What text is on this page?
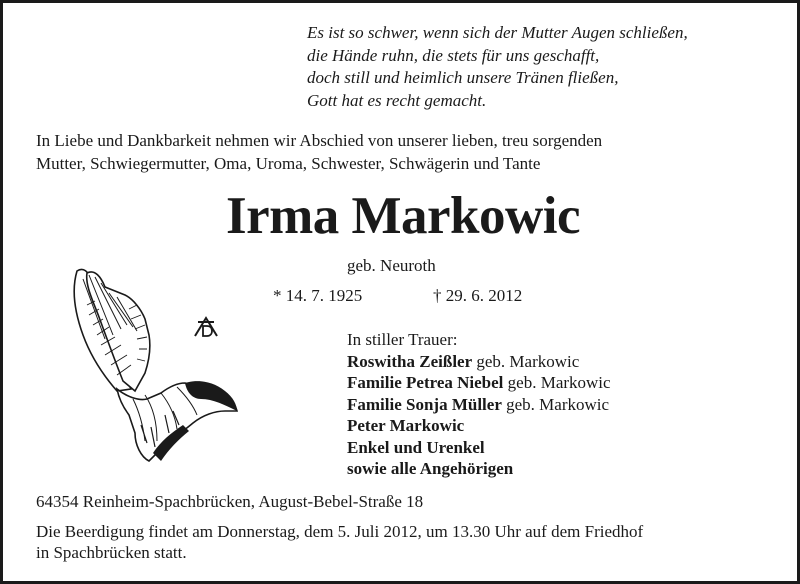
Es ist so schwer, wenn sich der Mutter Augen schließen,
die Hände ruhn, die stets für uns geschafft,
doch still und heimlich unsere Tränen fließen,
Gott hat es recht gemacht.
In Liebe und Dankbarkeit nehmen wir Abschied von unserer lieben, treu sorgenden
Mutter, Schwiegermutter, Oma, Uroma, Schwester, Schwägerin und Tante
Irma Markowic
geb. Neuroth
* 14. 7. 1925	† 29. 6. 2012
In stiller Trauer:
Roswitha Zeißler geb. Markowic
Familie Petrea Niebel geb. Markowic
Familie Sonja Müller geb. Markowic
Peter Markowic
Enkel und Urenkel
sowie alle Angehörigen
64354 Reinheim-Spachbrücken, August-Bebel-Straße 18
Die Beerdigung findet am Donnerstag, dem 5. Juli 2012, um 13.30 Uhr auf dem Friedhof
in Spachbrücken statt.
